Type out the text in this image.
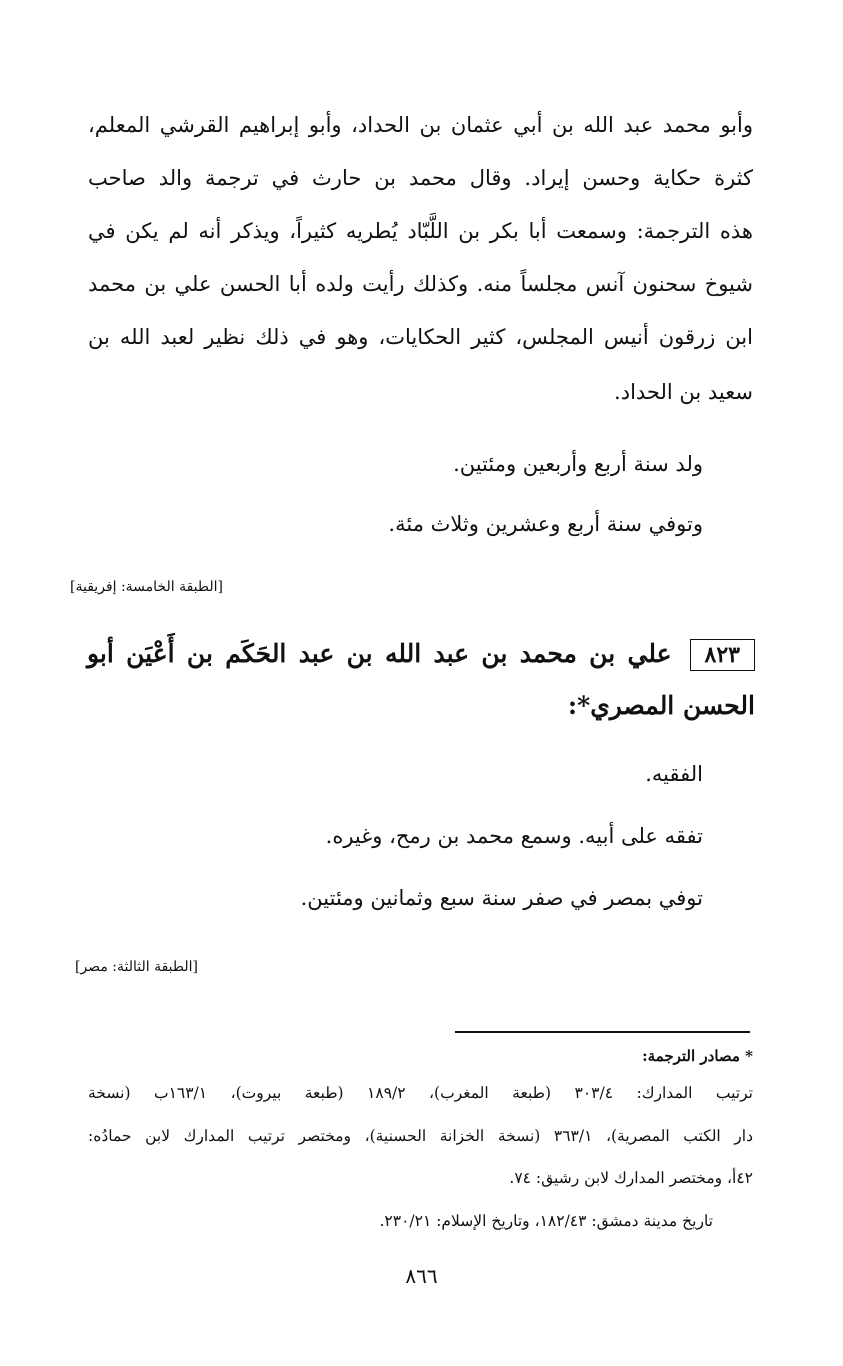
وأبو محمد عبد الله بن أبي عثمان بن الحداد، وأبو إبراهيم القرشي المعلم،
كثرة حكاية وحسن إيراد. وقال محمد بن حارث في ترجمة والد صاحب
هذه الترجمة: وسمعت أبا بكر بن اللَّبّاد يُطريه كثيراً، ويذكر أنه لم يكن في
شيوخ سحنون آنس مجلساً منه. وكذلك رأيت ولده أبا الحسن علي بن محمد
ابن زرقون أنيس المجلس، كثير الحكايات، وهو في ذلك نظير لعبد الله بن
سعيد بن الحداد.
ولد سنة أربع وأربعين ومئتين.
وتوفي سنة أربع وعشرين وثلاث مئة.
[الطبقة الخامسة: إفريقية]
٨٢٣علي بن محمد بن عبد الله بن عبد الحَكَم بن أَعْيَن أبو
الحسن المصري*:
الفقيه.
تفقه على أبيه. وسمع محمد بن رمح، وغيره.
توفي بمصر في صفر سنة سبع وثمانين ومئتين.
[الطبقة الثالثة: مصر]
* مصادر الترجمة:
ترتيب المدارك: ٣٠٣/٤ (طبعة المغرب)، ١٨٩/٢ (طبعة بيروت)، ١٦٣/١ب (نسخة
دار الكتب المصرية)، ٣٦٣/١ (نسخة الخزانة الحسنية)، ومختصر ترتيب المدارك لابن حمادُه:
٤٢أ، ومختصر المدارك لابن رشيق: ٧٤.
تاريخ مدينة دمشق: ١٨٢/٤٣، وتاريخ الإسلام: ٢٣٠/٢١.
٨٦٦
